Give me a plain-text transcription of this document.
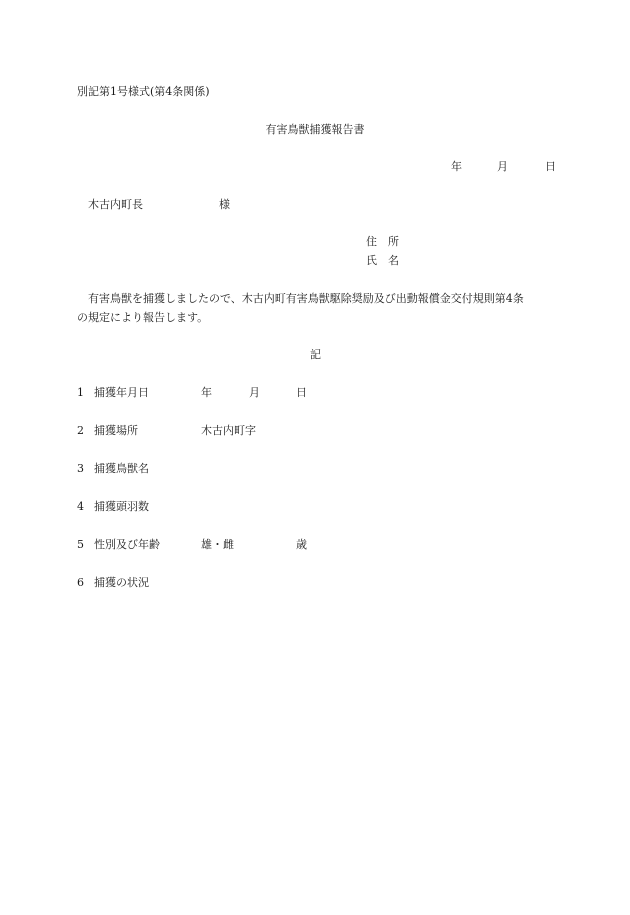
別記第1号様式(第4条関係)
有害鳥獣捕獲報告書
年	月	日
木古内町長	様
住　所
氏　名
有害鳥獣を捕獲しましたので、木古内町有害鳥獣駆除奨励及び出動報償金交付規則第4条
の規定により報告します。
記
1 捕獲年月日	年	月	日
2 捕獲場所	木古内町字
3 捕獲鳥獣名
4 捕獲頭羽数
5 性別及び年齢	雄・雌	歳
6 捕獲の状況
